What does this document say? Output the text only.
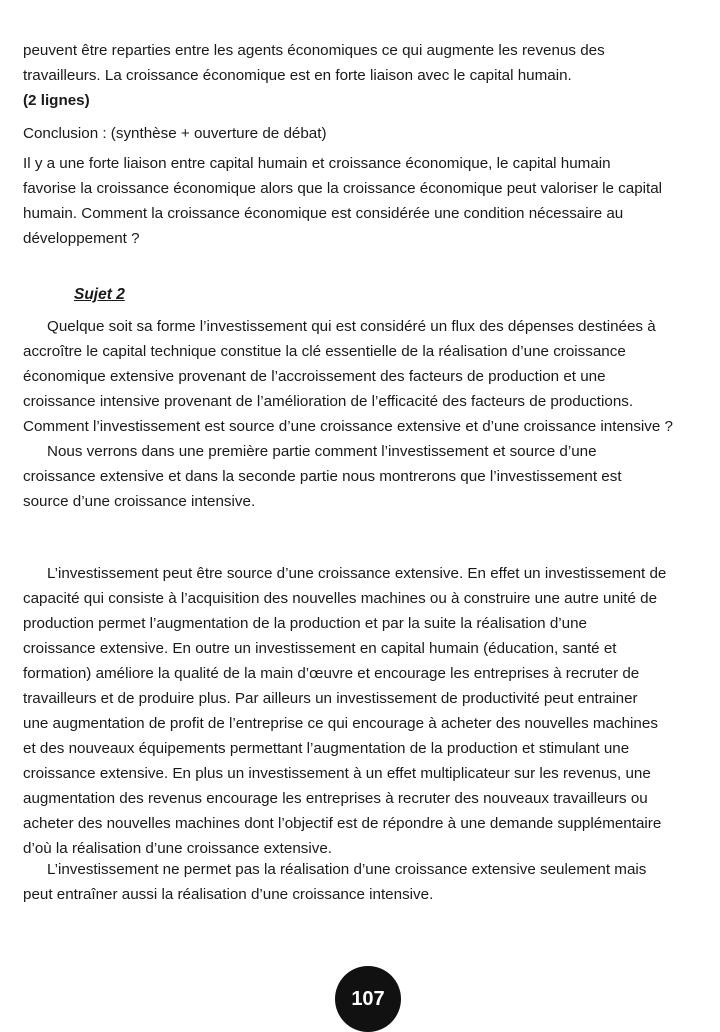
peuvent être reparties entre les agents économiques ce qui augmente les revenus des
travailleurs. La croissance économique est en forte liaison avec le capital humain.
(2 lignes)
Conclusion : (synthèse + ouverture de débat)
Il y a une forte liaison entre capital humain et croissance économique, le capital humain
favorise la croissance économique alors que la croissance économique peut valoriser le capital
humain. Comment la croissance économique est considérée une condition nécessaire au
développement ?
Sujet 2
Quelque soit sa forme l’investissement qui est considéré un flux des dépenses destinées à
accroître le capital technique constitue la clé essentielle de la réalisation d’une croissance
économique extensive provenant de l’accroissement des facteurs de production et une
croissance intensive provenant de l’amélioration de l’efficacité des facteurs de productions.
Comment l’investissement est source d’une croissance extensive et d’une croissance intensive ?
Nous verrons dans une première partie comment l’investissement et source d’une
croissance extensive et dans la seconde partie nous montrerons que l’investissement est
source d’une croissance intensive.
L’investissement peut être source d’une croissance extensive. En effet un investissement de
capacité qui consiste à l’acquisition des nouvelles machines ou à construire une autre unité de
production permet l’augmentation de la production et par la suite la réalisation d’une
croissance extensive. En outre un investissement en capital humain (éducation, santé et
formation) améliore la qualité de la main d’œuvre et encourage les entreprises à recruter de
travailleurs et de produire plus. Par ailleurs un investissement de productivité peut entrainer
une augmentation de profit de l’entreprise ce qui encourage à acheter des nouvelles machines
et des nouveaux équipements permettant l’augmentation de la production et stimulant une
croissance extensive. En plus un investissement à un effet multiplicateur sur les revenus, une
augmentation des revenus encourage les entreprises à recruter des nouveaux travailleurs ou
acheter des nouvelles machines dont l’objectif est de répondre à une demande supplémentaire
d’où la réalisation d’une croissance extensive.
L’investissement ne permet pas la réalisation d’une croissance extensive seulement mais
peut entraîner aussi la réalisation d’une croissance intensive.
107
